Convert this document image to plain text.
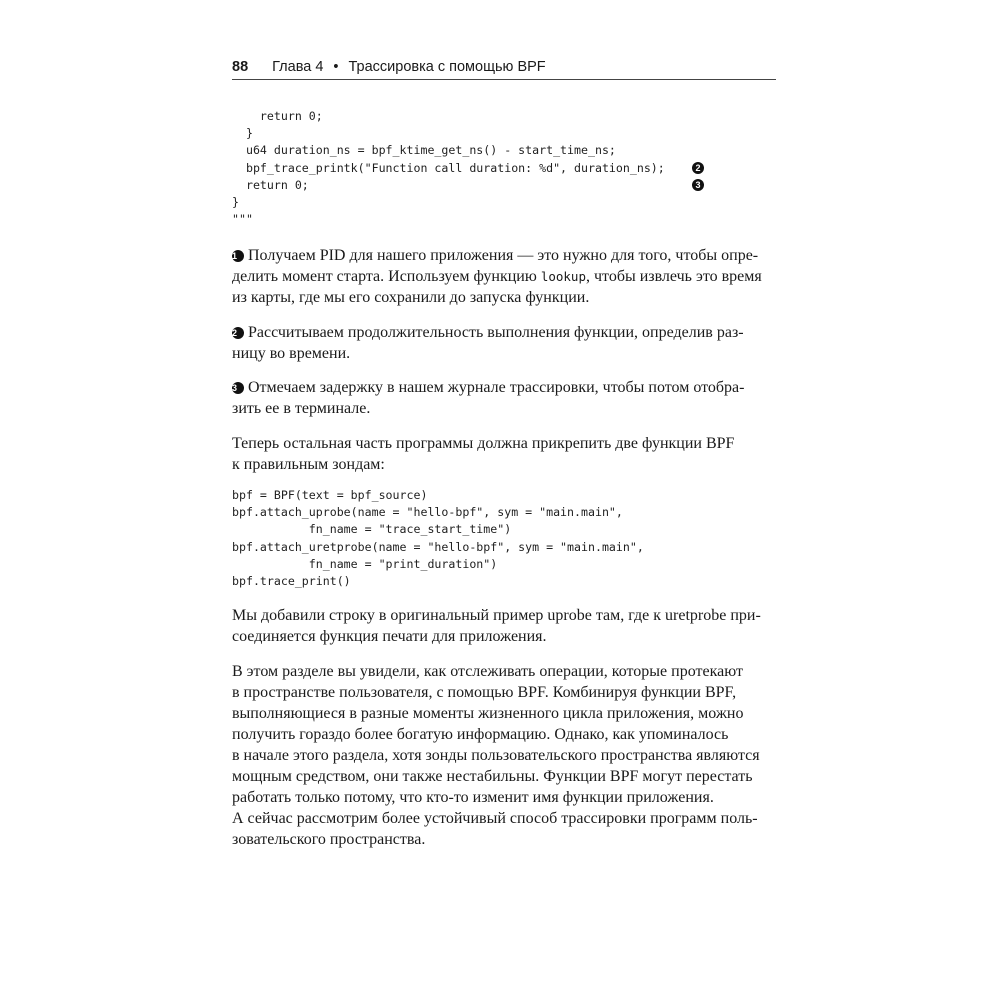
88 Глава 4 • Трассировка с помощью BPF
return 0;
}
u64 duration_ns = bpf_ktime_get_ns() - start_time_ns;
bpf_trace_printk("Function call duration: %d", duration_ns);	2
return 0;	3
}
"""

1 Получаем PID для нашего приложения — это нужно для того, чтобы опре-
делить момент старта. Используем функцию lookup, чтобы извлечь это время
из карты, где мы его сохранили до запуска функции.

2 Рассчитываем продолжительность выполнения функции, определив раз-
ницу во времени.

3 Отмечаем задержку в нашем журнале трассировки, чтобы потом отобра-
зить ее в терминале.

Теперь остальная часть программы должна прикрепить две функции BPF
к правильным зондам:

bpf = BPF(text = bpf_source)
bpf.attach_uprobe(name = "hello-bpf", sym = "main.main",
fn_name = "trace_start_time")
bpf.attach_uretprobe(name = "hello-bpf", sym = "main.main",
fn_name = "print_duration")
bpf.trace_print()

Мы добавили строку в оригинальный пример uprobe там, где к uretprobe при-
соединяется функция печати для приложения.

В этом разделе вы увидели, как отслеживать операции, которые протекают
в пространстве пользователя, с помощью BPF. Комбинируя функции BPF,
выполняющиеся в разные моменты жизненного цикла приложения, можно
получить гораздо более богатую информацию. Однако, как упоминалось
в начале этого раздела, хотя зонды пользовательского пространства являются
мощным средством, они также нестабильны. Функции BPF могут перестать
работать только потому, что кто-то изменит имя функции приложения.
А сейчас рассмотрим более устойчивый способ трассировки программ поль-
зовательского пространства.
